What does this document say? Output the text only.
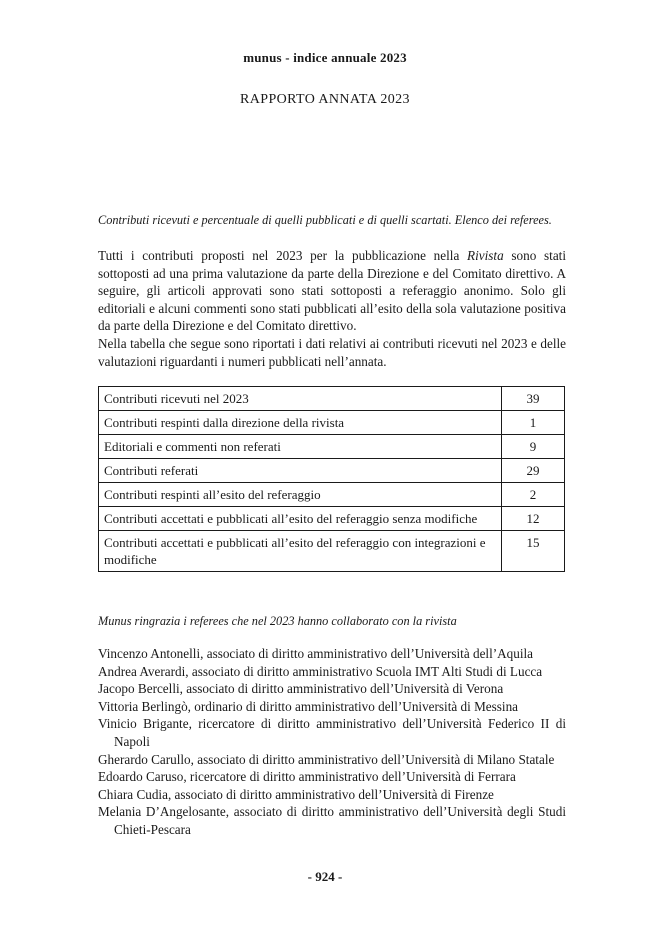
munus - indice annuale 2023
RAPPORTO ANNATA 2023
Contributi ricevuti e percentuale di quelli pubblicati e di quelli scartati. Elenco dei referees.

Tutti i contributi proposti nel 2023 per la pubblicazione nella Rivista sono stati sottoposti ad una prima valutazione da parte della Direzione e del Comitato direttivo. A seguire, gli articoli approvati sono stati sottoposti a referaggio anonimo. Solo gli editoriali e alcuni commenti sono stati pubblicati all’esito della sola valutazione positiva da parte della Direzione e del Comitato direttivo.

Nella tabella che segue sono riportati i dati relativi ai contributi ricevuti nel 2023 e delle valutazioni riguardanti i numeri pubblicati nell’annata.

Contributi ricevuti nel 2023	39
Contributi respinti dalla direzione della rivista	1
Editoriali e commenti non referati	9
Contributi referati	29
Contributi respinti all’esito del referaggio	2
Contributi accettati e pubblicati all’esito del referaggio senza modifiche	12
Contributi accettati e pubblicati all’esito del referaggio con integrazioni e modifiche	15
Munus ringrazia i referees che nel 2023 hanno collaborato con la rivista
Vincenzo Antonelli, associato di diritto amministrativo dell’Università dell’Aquila
Andrea Averardi, associato di diritto amministrativo Scuola IMT Alti Studi di Lucca
Jacopo Bercelli, associato di diritto amministrativo dell’Università di Verona
Vittoria Berlingò, ordinario di diritto amministrativo dell’Università di Messina
Vinicio Brigante, ricercatore di diritto amministrativo dell’Università Federico II di Napoli
Gherardo Carullo, associato di diritto amministrativo dell’Università di Milano Statale
Edoardo Caruso, ricercatore di diritto amministrativo dell’Università di Ferrara
Chiara Cudia, associato di diritto amministrativo dell’Università di Firenze
Melania D’Angelosante, associato di diritto amministrativo dell’Università degli Studi Chieti-Pescara
- 924 -
